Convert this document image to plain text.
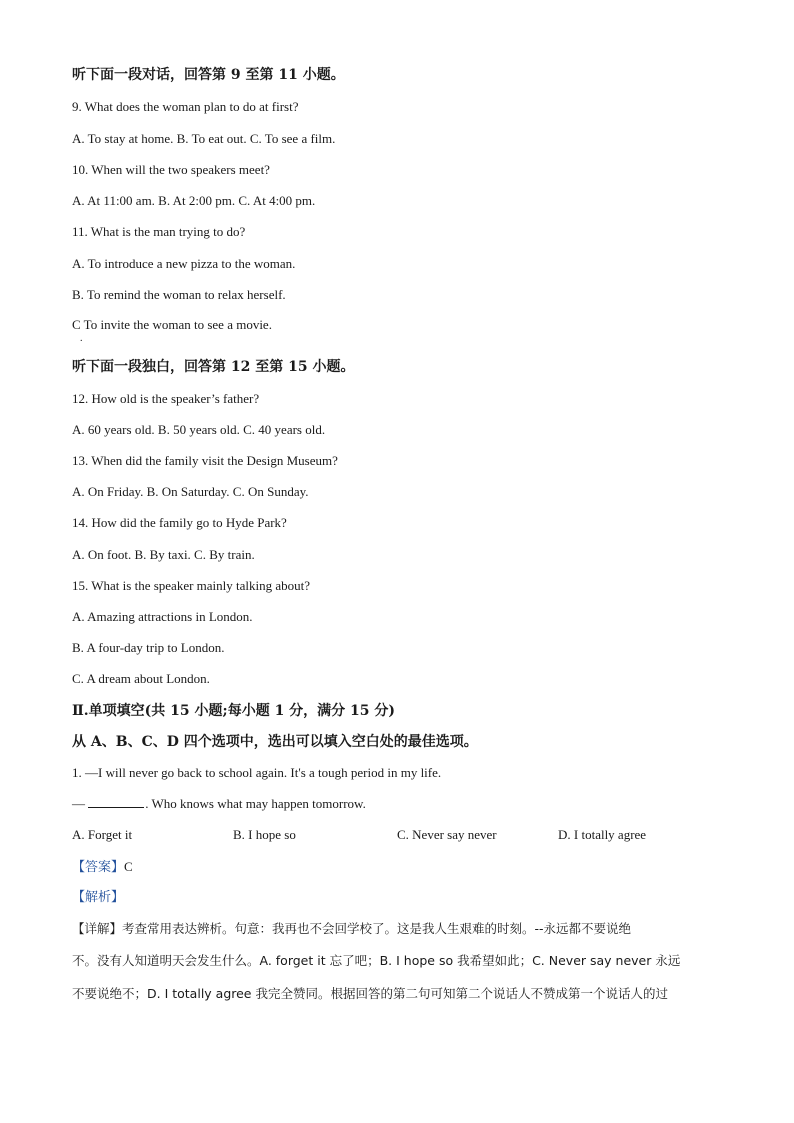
听下面一段对话，回答第 9 至第 11 小题。
9. What does the woman plan to do at first?
A. To stay at home. B. To eat out. C. To see a film.
10. When will the two speakers meet?
A. At 11:00 am. B. At 2:00 pm. C. At 4:00 pm.
11. What is the man trying to do?
A. To introduce a new pizza to the woman.
B. To remind the woman to relax herself.
C To invite the woman to see a movie.
.
听下面一段独白，回答第 12 至第 15 小题。
12. How old is the speaker’s father?
A. 60 years old. B. 50 years old. C. 40 years old.
13. When did the family visit the Design Museum?
A. On Friday. B. On Saturday. C. On Sunday.
14. How did the family go to Hyde Park?
A. On foot. B. By taxi. C. By train.
15. What is the speaker mainly talking about?
A. Amazing attractions in London.
B. A four-day trip to London.
C. A dream about London.
Ⅱ.单项填空(共 15 小题;每小题 1 分，满分 15 分)
从 A、B、C、D 四个选项中，选出可以填入空白处的最佳选项。
1. —I will never go back to school again. It's a tough period in my life.
—	. Who knows what may happen tomorrow.
A. Forget it	B. I hope so	C. Never say never	D. I totally agree
【答案】C
【解析】
【详解】考查常用表达辨析。句意：我再也不会回学校了。这是我人生艰难的时刻。--永远都不要说绝
不。没有人知道明天会发生什么。A. forget it 忘了吧；B. I hope so 我希望如此；C. Never say never 永远
不要说绝不；D. I totally agree 我完全赞同。根据回答的第二句可知第二个说话人不赞成第一个说话人的过
